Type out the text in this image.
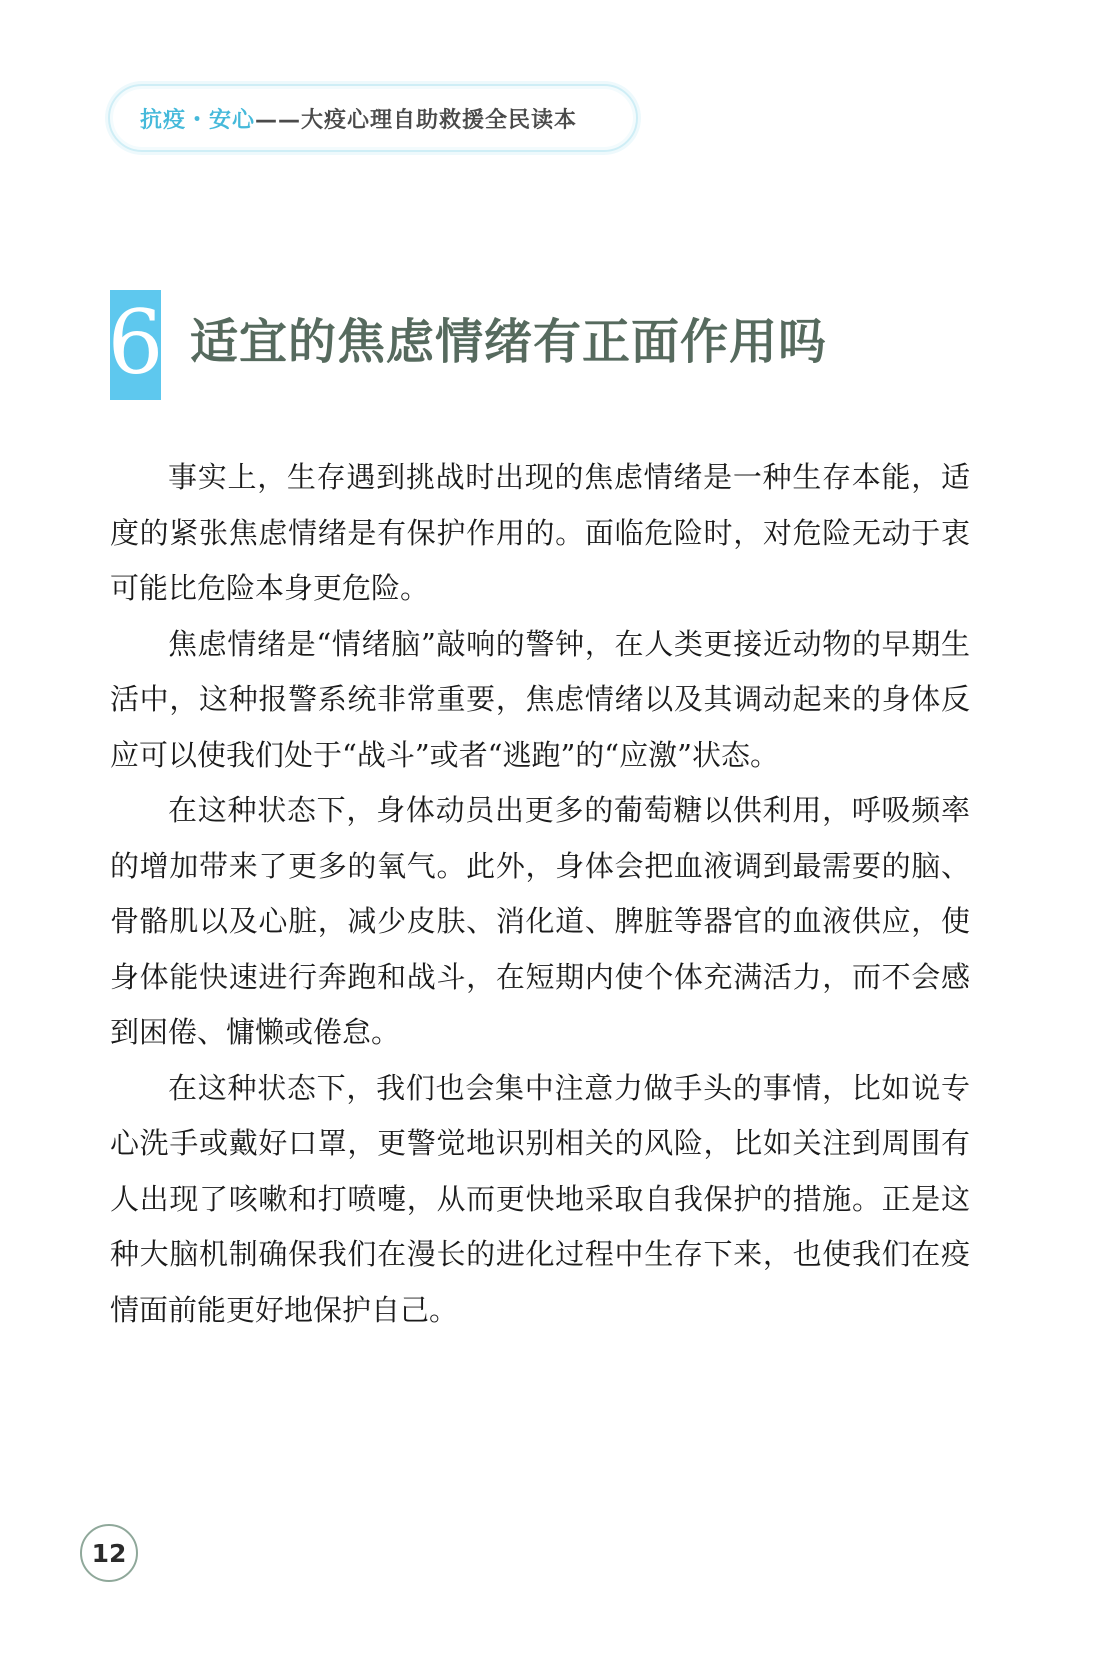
抗疫・安心 ——大疫心理自助救援全民读本
6 适宜的焦虑情绪有正面作用吗

事实上，生存遇到挑战时出现的焦虑情绪是一种生存本能，适度的紧张焦虑情绪是有保护作用的。面临危险时，对危险无动于衷可能比危险本身更危险。

焦虑情绪是“情绪脑”敲响的警钟，在人类更接近动物的早期生活中，这种报警系统非常重要，焦虑情绪以及其调动起来的身体反应可以使我们处于“战斗”或者“逃跑”的“应激”状态。

在这种状态下，身体动员出更多的葡萄糖以供利用，呼吸频率的增加带来了更多的氧气。此外，身体会把血液调到最需要的脑、骨骼肌以及心脏，减少皮肤、消化道、脾脏等器官的血液供应，使身体能快速进行奔跑和战斗，在短期内使个体充满活力，而不会感到困倦、慵懒或倦怠。

在这种状态下，我们也会集中注意力做手头的事情，比如说专心洗手或戴好口罩，更警觉地识别相关的风险，比如关注到周围有人出现了咳嗽和打喷嚏，从而更快地采取自我保护的措施。正是这种大脑机制确保我们在漫长的进化过程中生存下来，也使我们在疫情面前能更好地保护自己。

12
